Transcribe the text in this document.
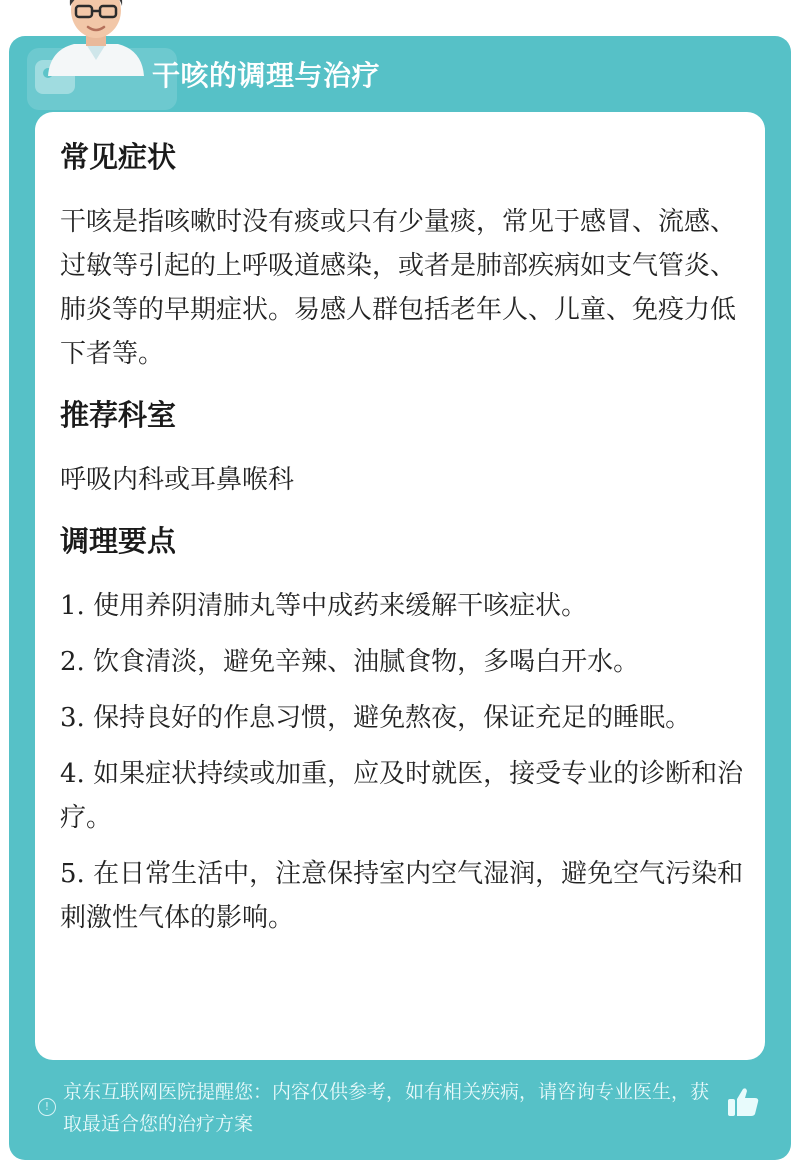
干咳的调理与治疗
常见症状

干咳是指咳嗽时没有痰或只有少量痰，常见于感冒、流感、过敏等引起的上呼吸道感染，或者是肺部疾病如支气管炎、肺炎等的早期症状。易感人群包括老年人、儿童、免疫力低下者等。

推荐科室

呼吸内科或耳鼻喉科

调理要点

1. 使用养阴清肺丸等中成药来缓解干咳症状。

2. 饮食清淡，避免辛辣、油腻食物，多喝白开水。

3. 保持良好的作息习惯，避免熬夜，保证充足的睡眠。

4. 如果症状持续或加重，应及时就医，接受专业的诊断和治疗。

5. 在日常生活中，注意保持室内空气湿润，避免空气污染和刺激性气体的影响。

!
京东互联网医院提醒您：内容仅供参考，如有相关疾病，请咨询专业医生，获取最适合您的治疗方案
